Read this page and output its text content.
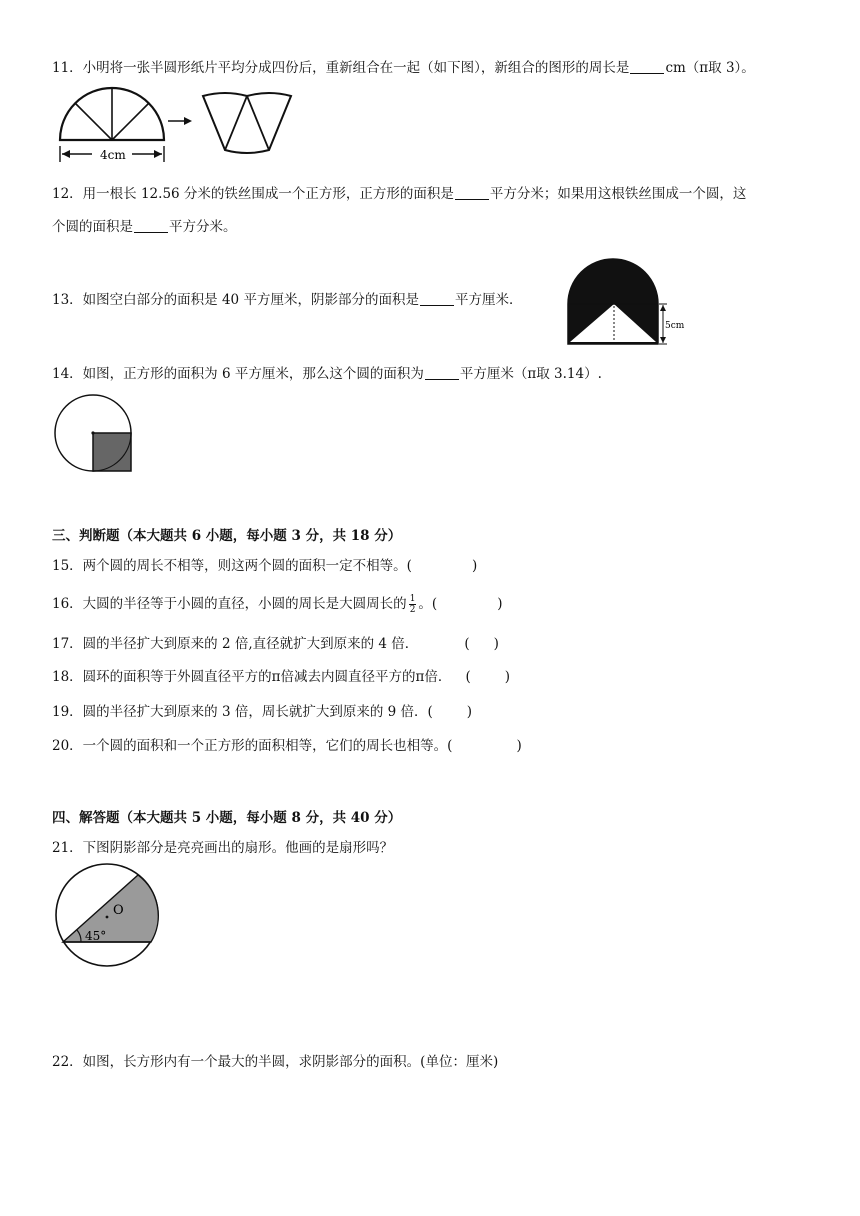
11．小明将一张半圆形纸片平均分成四份后，重新组合在一起（如下图），新组合的图形的周长是	cm（π取 3）。
4cm
12．用一根长 12.56 分米的铁丝围成一个正方形，正方形的面积是	平方分米；如果用这根铁丝围成一个圆，这
个圆的面积是	平方分米。
13．如图空白部分的面积是 40 平方厘米，阴影部分的面积是	平方厘米．
5cm
14．如图，正方形的面积为 6 平方厘米，那么这个圆的面积为	平方厘米（π取 3.14）.
三、判断题（本大题共 6 小题，每小题 3 分，共 18 分）
15．两个圆的周长不相等，则这两个圆的面积一定不相等。(	)
16．大圆的半径等于小圆的直径，小圆的周长是大圆周长的 $\frac{1}{2}$ 。(	)
17．圆的半径扩大到原来的 2 倍,直径就扩大到原来的 4 倍．	( )
18．圆环的面积等于外圆直径平方的π倍减去内圆直径平方的π倍． (	)
19．圆的半径扩大到原来的 3 倍，周长就扩大到原来的 9 倍．(	)
20．一个圆的面积和一个正方形的面积相等，它们的周长也相等。(	)
四、解答题（本大题共 5 小题，每小题 8 分，共 40 分）
21．下图阴影部分是亮亮画出的扇形。他画的是扇形吗？
O
45°
22．如图，长方形内有一个最大的半圆，求阴影部分的面积。(单位：厘米)
